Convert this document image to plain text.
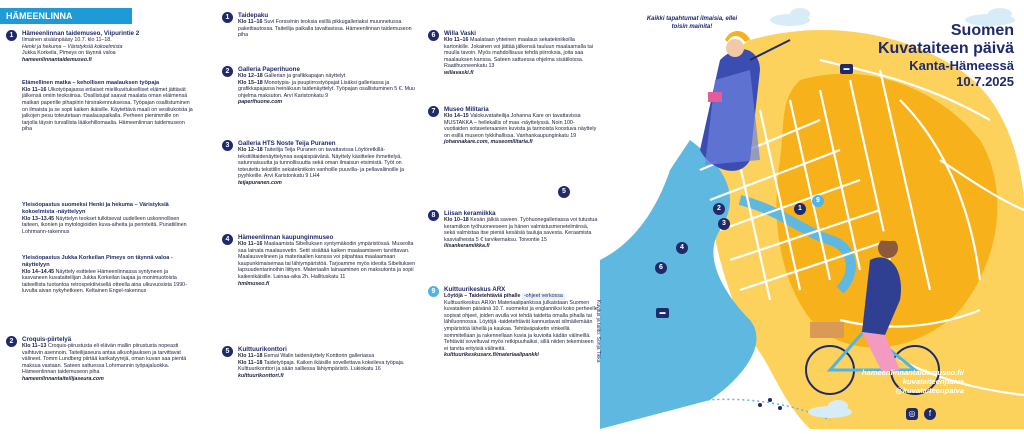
HÄMEENLINNA
1	Hämeenlinnan taidemuseo, Viipurintie 2
Ilmainen sisäänpääsy 10.7. klo 11–18.
Henki ja hekuma – Väristyksiä kokoelmista
Jukka Korkeila, Pimeys on täynnä valoa
hameenlinnantaidemuseo.fi
Elämellinen matka – kehollisen maalauksen työpaja
Klo 11–16 Ulkotyöpajassa erilaiset mielikuvitukselliset eläimet jättävät jälkensä omiin teoksiinsa. Osallistujat saavat maalata oman eläimensä matkan paperille pihapiirin hirsirakennuksessa. Työpajan osallistuminen on ilmaista ja se sopii kaiken ikäisille. Käytettävä maali on vesiliukoista ja jalkojen pesu toteutetaan maalauspaikalla. Perheen pienimmille on tarjolla täysin turvallista lääkehillomaalia. Hämeenlinnan taidemuseon piha
Yleisöopastus suomeksi Henki ja hekuma – Väristyksiä kokoelmista -näyttelyyn
Klo 13–13.45 Näyttelyn teokset tulkitsevat uudelleen uskonnollisen taiteen, ikonien ja mytologioiden kuva-aiheita ja perinteitä. Punatiilinen Lohrmann-rakennus
Yleisöopastus Jukka Korkeilan Pimeys on täynnä valoa -näyttelyyn
Klo 14–14.45 Näyttely esittelee Hämeenlinnassa syntyneen ja kasvaneen kuvataiteilijan Jukka Korkeilan laajaa ja monimuotoista taiteellista tuotantoa retrospektiivisellä otteella aina ulkuvuosista 1990-luvulta aivan nykyhetkeen. Keltainen Engel-rakennus
2	Croquis-piirtelyä
Klo 11–13 Croquis-piirustusta eli elävän mallin piirustusta nopeasti vaihtuvin asennoin. Taiteilijaseura antaa alkuohjauksen ja tarvittavat välineet. Tomm Lundberg piirtää karikatyyrejä, oman kuvan saa pientä maksua vastaan. Sateen sattuessa Lohrmannin työpajaluokka. Hämeenlinnan taidemuseon piha
hameenlinnantaiteilijaseura.com
1	Taidepaku
Klo 11–16 Suvi Forssénin teoksia esillä pikkugalleriaksi muunnetussa pakettiautossa. Taiteilija paikalla tavattavissa. Hämeenlinnan taidemuseon piha
2	Galleria Paperihuone
Klo 12–18 Gallerian ja grafikkapajan näyttelyt
Klo 15–18 Monotypia- ja puupiirrostyöpajat Lisäksi galleriassa ja grafikkapajassa heinäkuun taidenäyttelyt. Työpajan osallistuminen 5 €. Muu ohjelma maksuton. Arvi Karistonkatu 9
paperihuone.com
3	Galleria HTS Noste Teija Puranen
Klo 12–18 Taiteilija Teija Puranen on tavattavissa Löytöretkillä-tekstiilitaidenäyttelynsa avajaispäivänä. Näyttely käsittelee ihmettelyä, satunnaisuutta ja tunnollisuutta sekä oman ilmaisun etsimistä. Työt on toteutettu tekstiilin sekatekniikoin vanhoille puuvilla- ja pellavaliinoille ja pyyhkeille. Arvi Karistonkatu 9 LH4
teijapuranen.com
4	Hämeenlinnan kaupunginmuseo
Klo 11–16 Maalaamista Sibeliuksen syntymäkodin ympäristössä. Museolta saa lainata maalausvetin. Setit sisältää kaiken maalaamiseen tarvittavan. Maalausvelineen ja materiaalien kanssa voi piipahtaa maalaamaan kaupunkimaisemaa tai lähiympäristöä. Tarjoamme myös ideoita Sibeliuksen lapsuudentarinoihin liittyen. Materiaalin lainaaminen on maksutonta ja sopii kaikenikäisille. Lainaa-aika 2h. Hallituskatu 11
hmlmuseo.fi
5	Kulttuurikonttori
Klo 11–18 Eemai Walin taidenäyttely Konttorin galleriassa
Klo 11–18 Taidetyöpaja. Kaiken ikäisille sovellettava kokeileva työpaja. Kulttuurikonttori ja sään salliessa lähiympäristö. Lukiokatu 16
kulttuurikonttori.fi
6	Willa Vaski
Klo 11–16 Maalataan yhteinen maalaus sekatekniikoilla kartonkille. Jokainen voi jättää jälkensä tauluun maalaamalla tai muulla tavoin. Myös mahdollisuus tehdä piirroksia, joita saa maalauksen kanssa. Sateen sattuessa ohjelma sisätiloissa. Raatihuoneenkatu 13
willavaski.fi
7	Museo Militaria
Klo 14–15 Valokuvataiteilija Johanna Kare on tavattavissa MUSTAKKA – hellekallis of maa -näyttelyssä. Noin 100-vuotiaiden sotaveteraanien kuvista ja tarinoista koostuva näyttely on esillä museon tykkihallissa. Vanhankaupunginkatu 19
johannakare.com, museomilitaria.fi
8	Liisan keramiikka
Klo 10–18 Kesän jälkiä saveen. Työhuonegalleriassa voi tutustua keramiikon työhuoneeseen ja hänen valmistusmenetelmiinsä, sekä valmistaa itse pieniä kesäisiä tauluja savesta. Keraamista kasvialheista 5 € tarvikemaksu. Toivontie 15
liisankeramiikka.fi
9	Kulttuurikeskus ARX
Löytöjä – Taidetehtäviä pihalle -ohjeet verkossa
Kulttuurikeskus ARXin Materiaalipankissa julkaistaan Suomen kuvataiteen päivänä 10.7. suomeksi ja englanniksi koko perheelle sopivat ohjeet, joiden avulla voi tehdä taidetta omalla pihalla tai lähiluonnossa. Löytöjä -taidetehtävät kannustavat silmäilemään ympäristöä lähellä ja kaukaa. Tehtäväpaketin vinkeillä sommitellaan ja rakennellaan kuvia ja kuvioita kädän välineillä. Tehtävät soveltuvat myös retkipuuhaiksi, sillä niiden tekemiseen ei tarvita erityisiä välineitä.
kulttuurikeskusarx.fi/materiaalipankki
5
2
3
1
9
4
6
▬
▬
Kaikki tapahtumat ilmaisia, ellei toisin mainita!
Kuvitus ja taitto: Sonja Tikka
Suomen
Kuvataiteen päivä
Kanta-Hämeessä
10.7.2025
hameenlinnantaidemuseo.fi/
kuvataiteenpaiva
@kuvataiteenpaiva
◎	f
